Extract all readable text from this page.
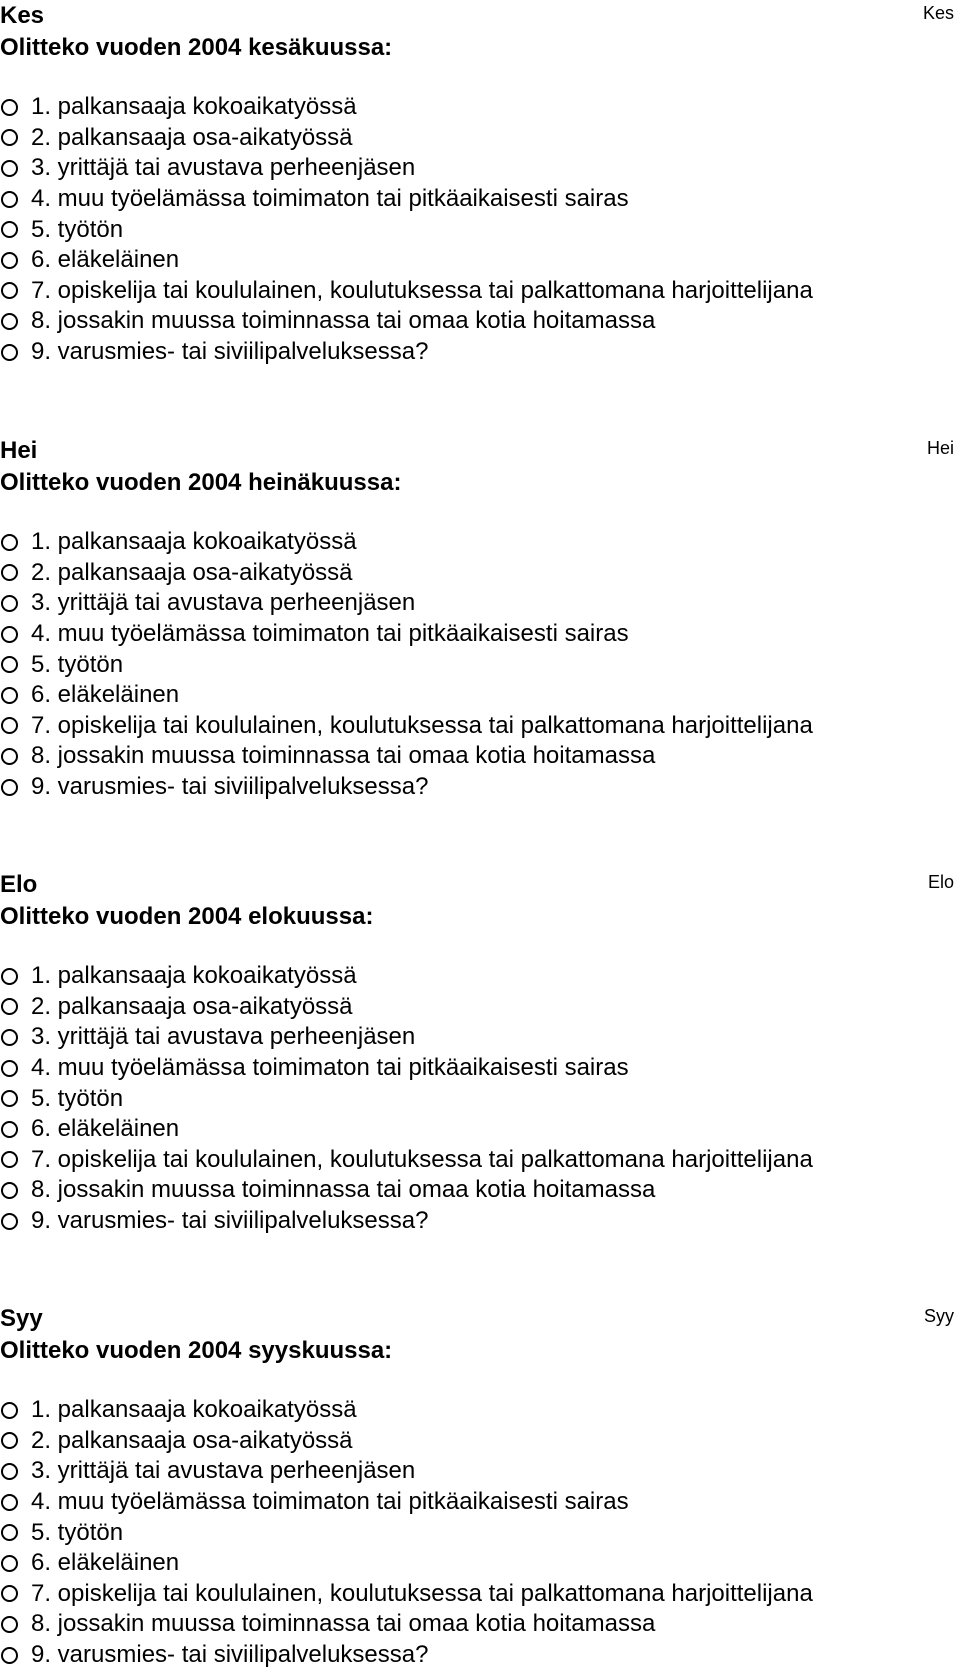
Kes	Kes
Olitteko vuoden 2004 kesäkuussa:
1. palkansaaja kokoaikatyössä
2. palkansaaja osa-aikatyössä
3. yrittäjä tai avustava perheenjäsen
4. muu työelämässa toimimaton tai pitkäaikaisesti sairas
5. työtön
6. eläkeläinen
7. opiskelija tai koululainen, koulutuksessa tai palkattomana harjoittelijana
8. jossakin muussa toiminnassa tai omaa kotia hoitamassa
9. varusmies- tai siviilipalveluksessa?
Hei	Hei
Olitteko vuoden 2004 heinäkuussa:
1. palkansaaja kokoaikatyössä
2. palkansaaja osa-aikatyössä
3. yrittäjä tai avustava perheenjäsen
4. muu työelämässa toimimaton tai pitkäaikaisesti sairas
5. työtön
6. eläkeläinen
7. opiskelija tai koululainen, koulutuksessa tai palkattomana harjoittelijana
8. jossakin muussa toiminnassa tai omaa kotia hoitamassa
9. varusmies- tai siviilipalveluksessa?
Elo	Elo
Olitteko vuoden 2004 elokuussa:
1. palkansaaja kokoaikatyössä
2. palkansaaja osa-aikatyössä
3. yrittäjä tai avustava perheenjäsen
4. muu työelämässa toimimaton tai pitkäaikaisesti sairas
5. työtön
6. eläkeläinen
7. opiskelija tai koululainen, koulutuksessa tai palkattomana harjoittelijana
8. jossakin muussa toiminnassa tai omaa kotia hoitamassa
9. varusmies- tai siviilipalveluksessa?
Syy	Syy
Olitteko vuoden 2004 syyskuussa:
1. palkansaaja kokoaikatyössä
2. palkansaaja osa-aikatyössä
3. yrittäjä tai avustava perheenjäsen
4. muu työelämässa toimimaton tai pitkäaikaisesti sairas
5. työtön
6. eläkeläinen
7. opiskelija tai koululainen, koulutuksessa tai palkattomana harjoittelijana
8. jossakin muussa toiminnassa tai omaa kotia hoitamassa
9. varusmies- tai siviilipalveluksessa?
